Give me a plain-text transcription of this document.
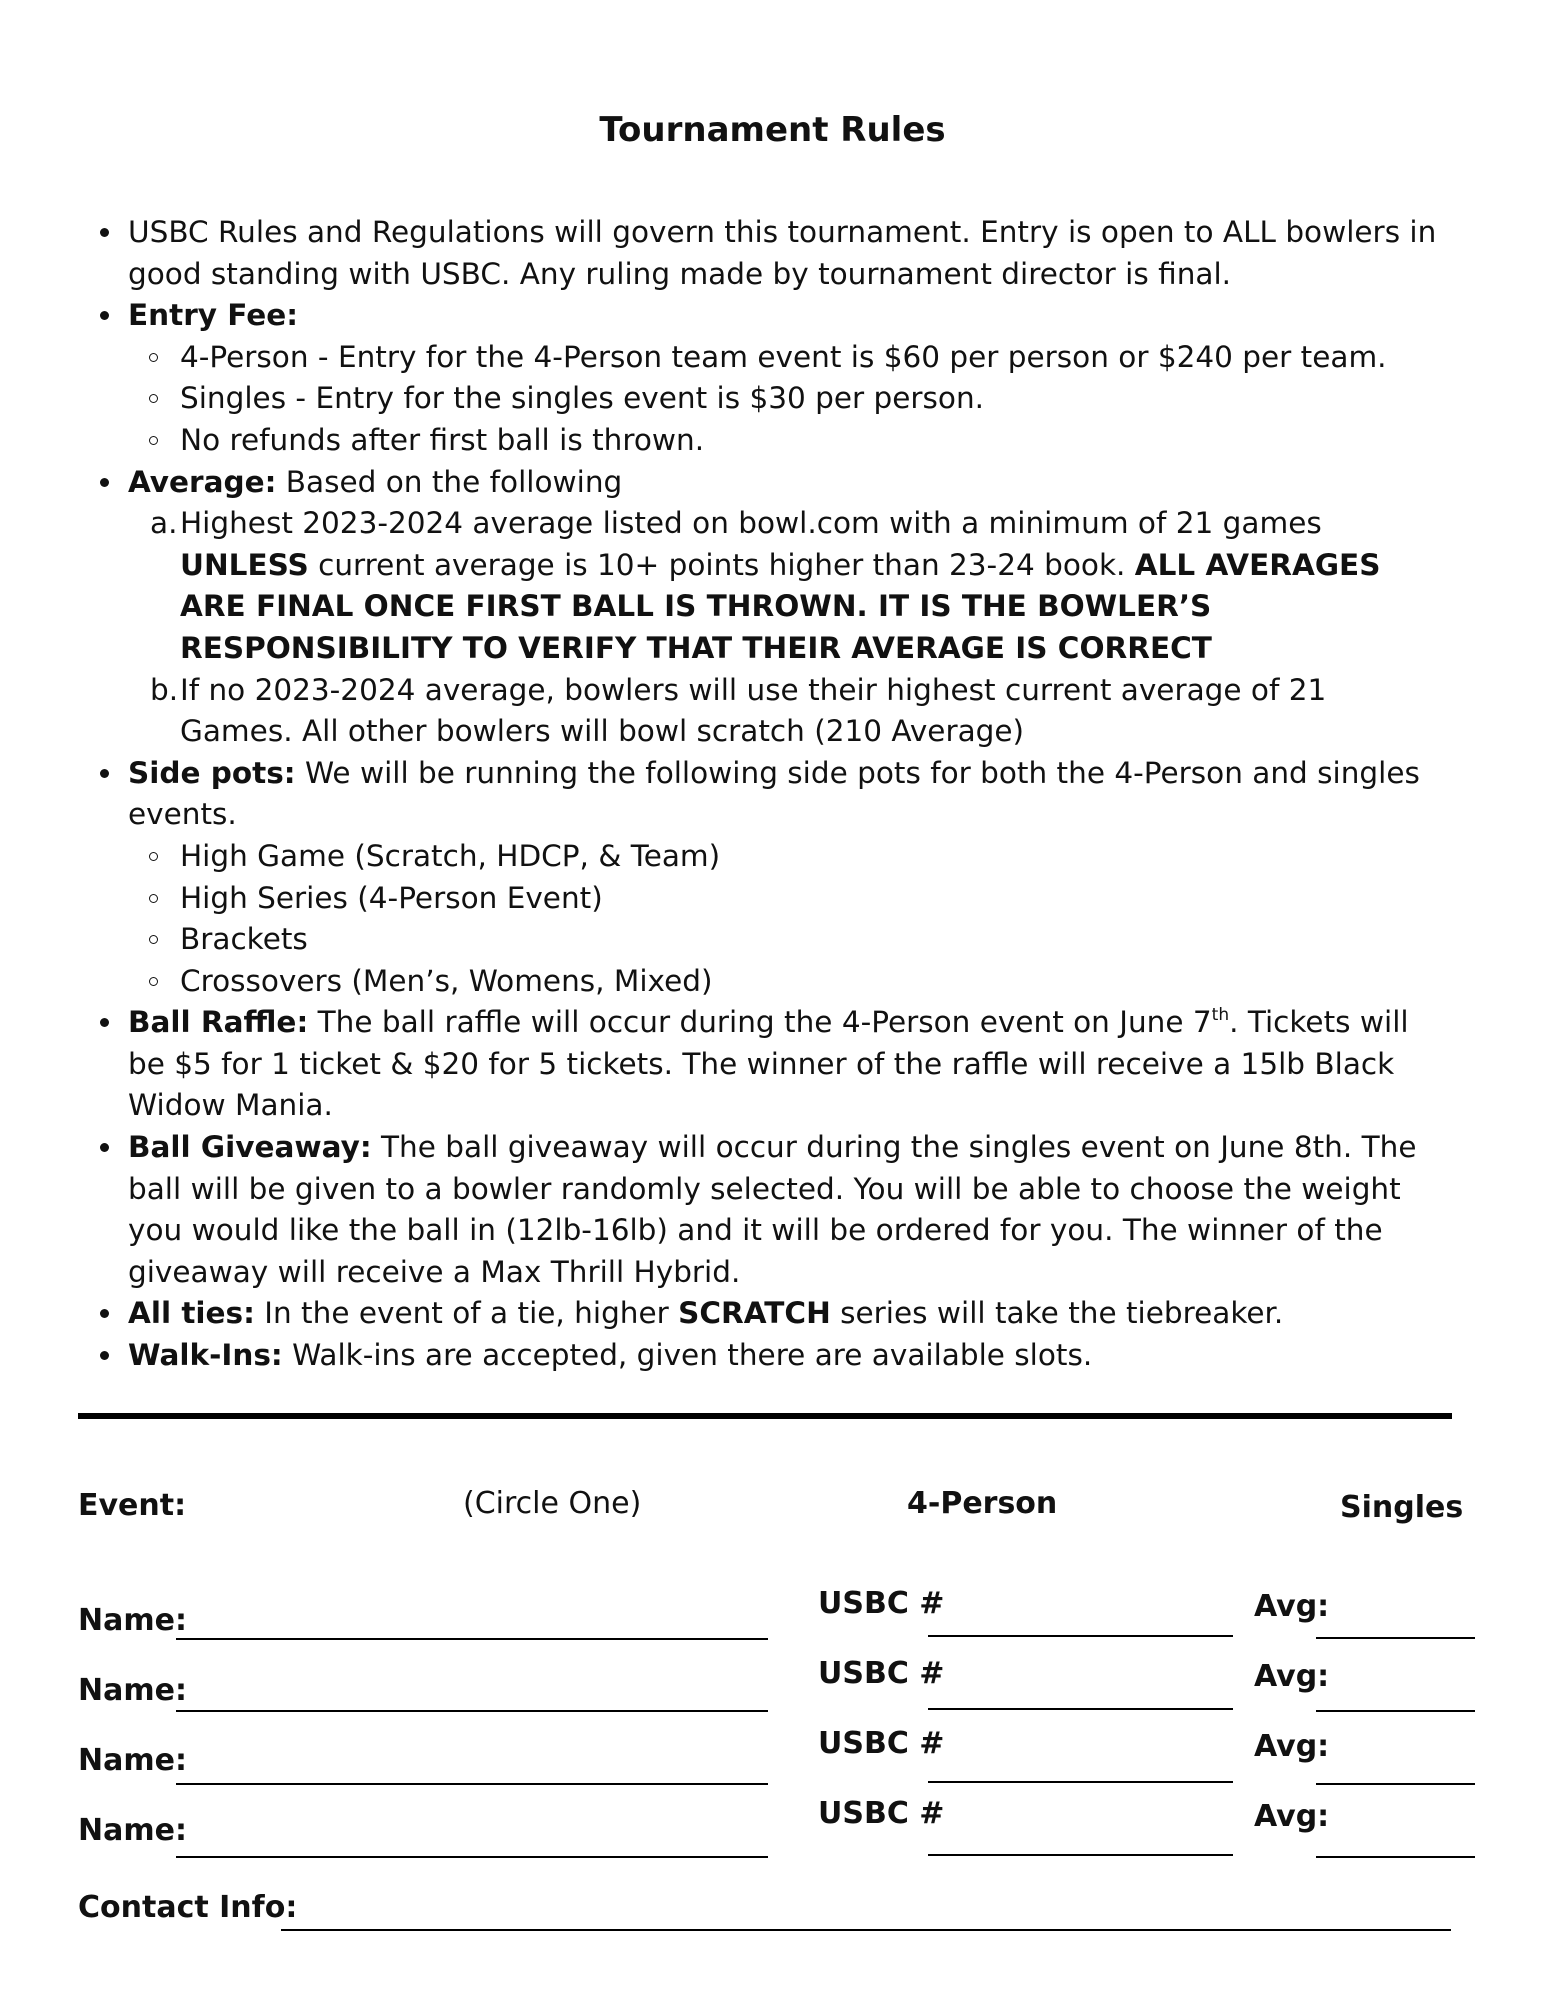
Tournament Rules
USBC Rules and Regulations will govern this tournament. Entry is open to ALL bowlers in good standing with USBC. Any ruling made by tournament director is final.
Entry Fee:
4-Person - Entry for the 4-Person team event is $60 per person or $240 per team.
Singles - Entry for the singles event is $30 per person.
No refunds after first ball is thrown.
Average: Based on the following
a. Highest 2023-2024 average listed on bowl.com with a minimum of 21 games UNLESS current average is 10+ points higher than 23-24 book. ALL AVERAGES ARE FINAL ONCE FIRST BALL IS THROWN. IT IS THE BOWLER’S RESPONSIBILITY TO VERIFY THAT THEIR AVERAGE IS CORRECT
b. If no 2023-2024 average, bowlers will use their highest current average of 21 Games. All other bowlers will bowl scratch (210 Average)
Side pots: We will be running the following side pots for both the 4-Person and singles events.
High Game (Scratch, HDCP, & Team)
High Series (4-Person Event)
Brackets
Crossovers (Men’s, Womens, Mixed)
Ball Raffle: The ball raffle will occur during the 4-Person event on June 7th. Tickets will be $5 for 1 ticket & $20 for 5 tickets. The winner of the raffle will receive a 15lb Black Widow Mania.
Ball Giveaway: The ball giveaway will occur during the singles event on June 8th. The ball will be given to a bowler randomly selected. You will be able to choose the weight you would like the ball in (12lb-16lb) and it will be ordered for you. The winner of the giveaway will receive a Max Thrill Hybrid.
All ties: In the event of a tie, higher SCRATCH series will take the tiebreaker.
Walk-Ins: Walk-ins are accepted, given there are available slots.
Event:	(Circle One)	4-Person	Singles
Name:	USBC #	Avg:
Name:	USBC #	Avg:
Name:	USBC #	Avg:
Name:	USBC #	Avg:
Contact Info:
